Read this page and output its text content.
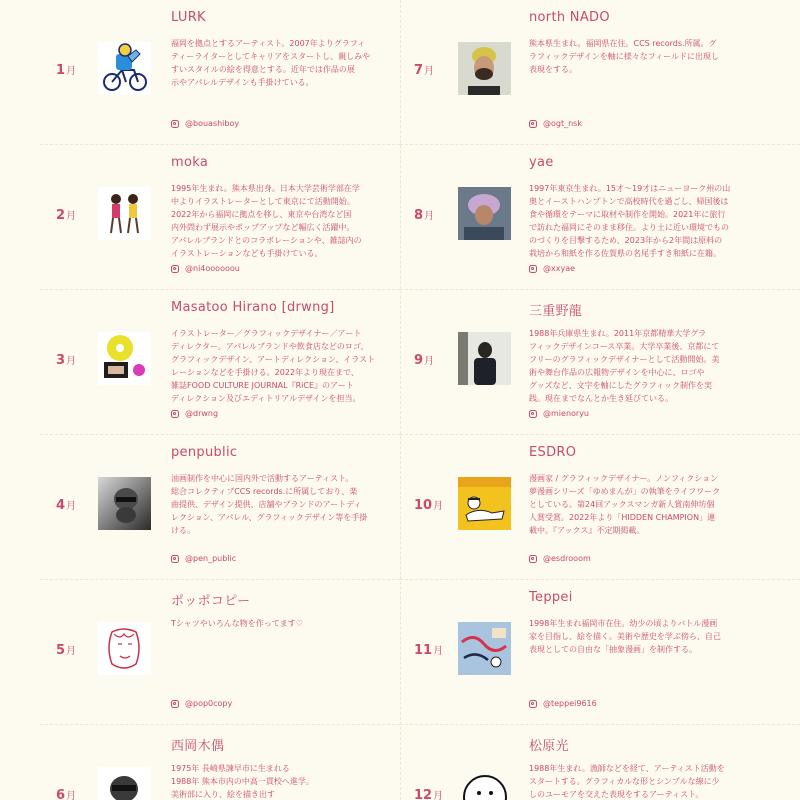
1月
LURK
福岡を拠点とするアーティスト。2007年よりグラフィ
ティーライターとしてキャリアをスタートし、親しみや
すいスタイルの絵を得意とする。近年では作品の展
示やアパレルデザインも手掛けている。
@bouashiboy
2月
moka
1995年生まれ。熊本県出身。日本大学芸術学部在学
中よりイラストレーターとして東京にて活動開始。
2022年から福岡に拠点を移し、東京や台湾など国
内外問わず展示やポップアップなど幅広く活躍中。
アパレルブランドとのコラボレーションや、雑誌内の
イラストレーションなども手掛けている。
@ni4oooooou
3月
Masatoo Hirano [drwng]
イラストレーター／グラフィックデザイナー／アート
ディレクター。アパレルブランドや飲食店などのロゴ、
グラフィックデザイン、アートディレクション、イラスト
レーションなどを手掛ける。2022年より現在まで、
雑誌FOOD CULTURE JOURNAL『RiCE』のアート
ディレクション及びエディトリアルデザインを担当。
@drwng
4月
penpublic
油画制作を中心に国内外で活動するアーティスト。
総合コレクティブCCS records.に所属しており、楽
曲提供、デザイン提供、店舗やブランドのアートディ
レクション、アパレル、グラフィックデザイン等を手掛
ける。
@pen_public
5月
ポッポコピー
Tシャツやいろんな物を作ってます♡
@pop0copy
6月
西岡木偶
1975年 長崎県諫早市に生まれる
1988年 熊本市内の中高一貫校へ進学。
美術部に入り、絵を描き出す
7月
north NADO
熊本県生まれ。福岡県在住。CCS records.所属。グ
ラフィックデザインを軸に様々なフィールドに出現し
表現をする。
@ogt_nsk
8月
yae
1997年東京生まれ。15才〜19才はニューヨーク州の山
奥とイーストハンプトンで高校時代を過ごし、帰国後は
食や循環をテーマに取材や制作を開始。2021年に旅行
で訪れた福岡にそのまま移住。より土に近い環境でもの
のづくりを目撃するため、2023年から2年間は原料の
栽培から和紙を作る佐賀県の名尾手すき和紙に在籍。
@xxyae
9月
三重野龍
1988年兵庫県生まれ。2011年京都精華大学グラ
フィックデザインコース卒業。大学卒業後、京都にて
フリーのグラフィックデザイナーとして活動開始。美
術や舞台作品の広報物デザインを中心に、ロゴや
グッズなど、文字を軸にしたグラフィック制作を実
践。現在までなんとか生き延びている。
@mienoryu
10月
ESDRO
漫画家 / グラフィックデザイナー。ノンフィクション
夢漫画シリーズ「ゆめまんが」の執筆をライフワーク
としている。第24回アックスマンガ新人賞南伸坊個
人賞受賞。2022年より「HIDDEN CHAMPION」連
載中。『アックス』不定期掲載。
@esdrooom
11月
Teppei
1998年生まれ福岡市在住。幼少の頃よりバトル漫画
家を目指し、絵を描く。美術や歴史を学ぶ傍ら、自己
表現としての自由な「抽象漫画」を制作する。
@teppei9616
12月
松原光
1988年生まれ。漁師などを経て、アーティスト活動を
スタートする。グラフィカルな形とシンプルな線に少
しのユーモアを交えた表現をするアーティスト。
